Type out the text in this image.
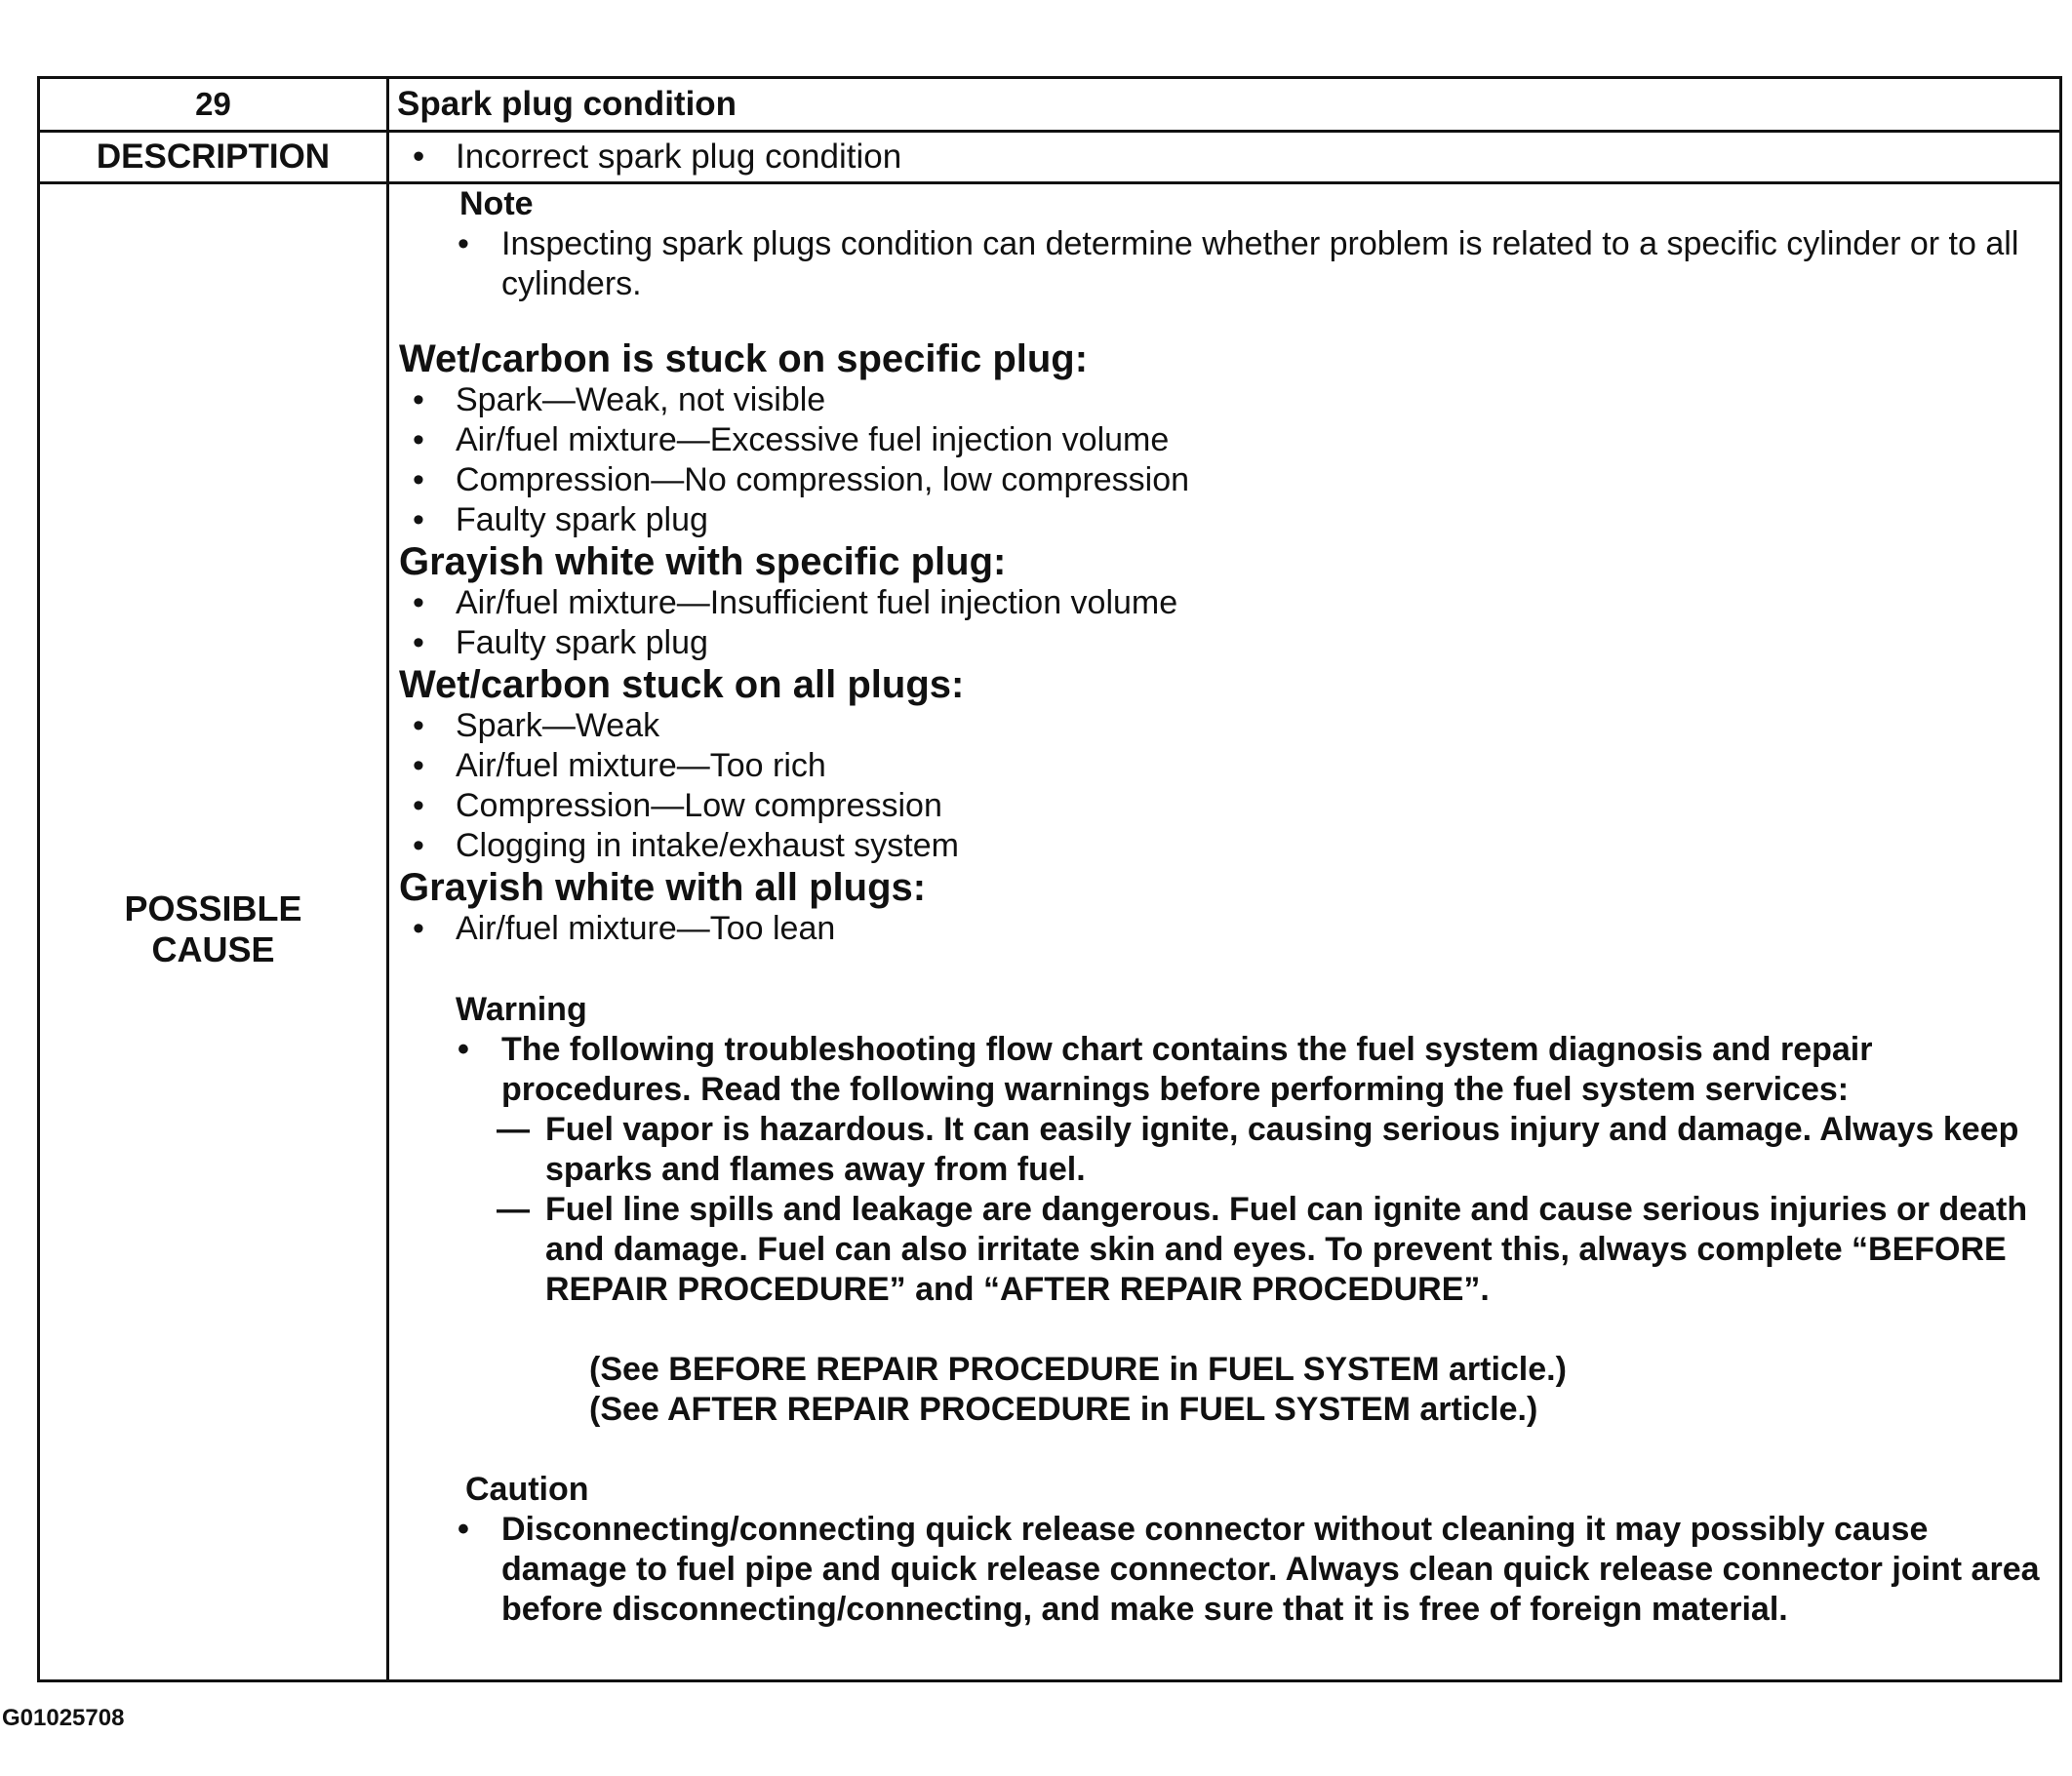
29	Spark plug condition
DESCRIPTION
•	Incorrect spark plug condition
POSSIBLE
CAUSE
Note
• Inspecting spark plugs condition can determine whether problem is related to a specific cylinder or to all cylinders.
Wet/carbon is stuck on specific plug:
• Spark—Weak, not visible
• Air/fuel mixture—Excessive fuel injection volume
• Compression—No compression, low compression
• Faulty spark plug
Grayish white with specific plug:
• Air/fuel mixture—Insufficient fuel injection volume
• Faulty spark plug
Wet/carbon stuck on all plugs:
• Spark—Weak
• Air/fuel mixture—Too rich
• Compression—Low compression
• Clogging in intake/exhaust system
Grayish white with all plugs:
• Air/fuel mixture—Too lean
Warning
• The following troubleshooting flow chart contains the fuel system diagnosis and repair procedures. Read the following warnings before performing the fuel system services:
— Fuel vapor is hazardous. It can easily ignite, causing serious injury and damage. Always keep sparks and flames away from fuel.
— Fuel line spills and leakage are dangerous. Fuel can ignite and cause serious injuries or death and damage. Fuel can also irritate skin and eyes. To prevent this, always complete “BEFORE REPAIR PROCEDURE” and “AFTER REPAIR PROCEDURE”.
(See BEFORE REPAIR PROCEDURE in FUEL SYSTEM article.)
(See AFTER REPAIR PROCEDURE in FUEL SYSTEM article.)
Caution
• Disconnecting/connecting quick release connector without cleaning it may possibly cause damage to fuel pipe and quick release connector. Always clean quick release connector joint area before disconnecting/connecting, and make sure that it is free of foreign material.
G01025708
